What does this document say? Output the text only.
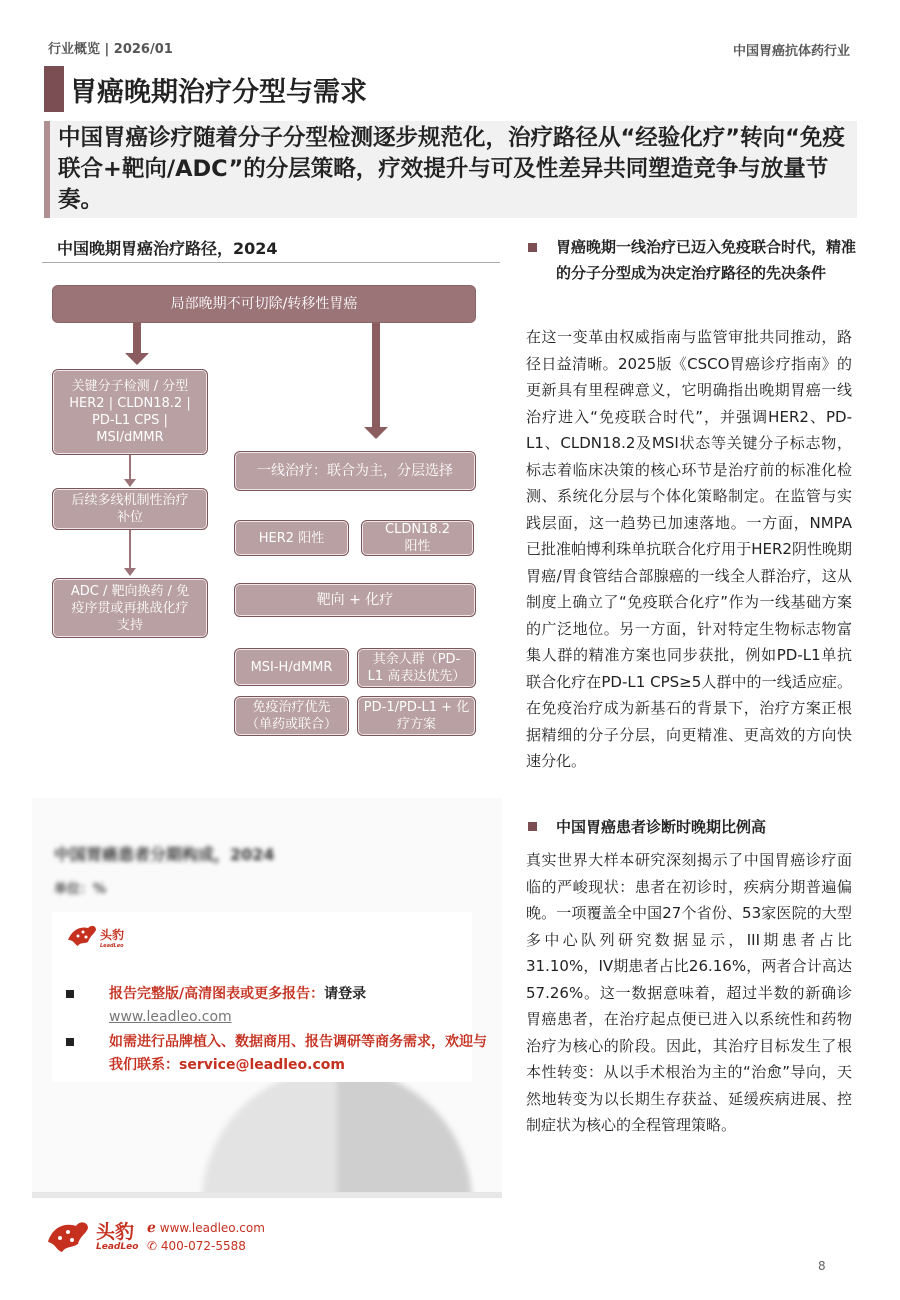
行业概览 | 2026/01	中国胃癌抗体药行业
胃癌晚期治疗分型与需求
中国胃癌诊疗随着分子分型检测逐步规范化，治疗路径从“经验化疗”转向“免疫联合+靶向/ADC”的分层策略，疗效提升与可及性差异共同塑造竞争与放量节奏。
中国晚期胃癌治疗路径，2024
局部晚期不可切除/转移性胃癌
关键分子检测 / 分型
HER2 | CLDN18.2 |
PD-L1 CPS |
MSI/dMMR
后续多线机制性治疗
补位
ADC / 靶向换药 / 免
疫序贯或再挑战化疗
支持
一线治疗：联合为主，分层选择
HER2 阳性
CLDN18.2
阳性
靶向 + 化疗
MSI-H/dMMR	其余人群（PD-
L1 高表达优先）
免疫治疗优先
（单药或联合）
PD-1/PD-L1 + 化
疗方案
中国胃癌患者分期构成，2024
单位：%
头豹
LeadLeo
报告完整版/高清图表或更多报告：请登录
www.leadleo.com
如需进行品牌植入、数据商用、报告调研等商务需求，欢迎与我们联系：service@leadleo.com
胃癌晚期一线治疗已迈入免疫联合时代，精准的分子分型成为决定治疗路径的先决条件
在这一变革由权威指南与监管审批共同推动，路径日益清晰。2025版《CSCO胃癌诊疗指南》的更新具有里程碑意义，它明确指出晚期胃癌一线治疗进入“免疫联合时代”，并强调HER2、PD-L1、CLDN18.2及MSI状态等关键分子标志物，标志着临床决策的核心环节是治疗前的标准化检测、系统化分层与个体化策略制定。在监管与实践层面，这一趋势已加速落地。一方面，NMPA已批准帕博利珠单抗联合化疗用于HER2阴性晚期胃癌/胃食管结合部腺癌的一线全人群治疗，这从制度上确立了“免疫联合化疗”作为一线基础方案的广泛地位。另一方面，针对特定生物标志物富集人群的精准方案也同步获批，例如PD-L1单抗联合化疗在PD-L1 CPS≥5人群中的一线适应症。在免疫治疗成为新基石的背景下，治疗方案正根据精细的分子分层，向更精准、更高效的方向快速分化。
中国胃癌患者诊断时晚期比例高
真实世界大样本研究深刻揭示了中国胃癌诊疗面临的严峻现状：患者在初诊时，疾病分期普遍偏晚。一项覆盖全中国27个省份、53家医院的大型多中心队列研究数据显示，III期患者占比31.10%，IV期患者占比26.16%，两者合计高达57.26%。这一数据意味着，超过半数的新确诊胃癌患者，在治疗起点便已进入以系统性和药物治疗为核心的阶段。因此，其治疗目标发生了根本性转变：从以手术根治为主的“治愈”导向，天然地转变为以长期生存获益、延缓疾病进展、控制症状为核心的全程管理策略。
头豹
LeadLeo
ℯ www.leadleo.com
✆ 400-072-5588
8
